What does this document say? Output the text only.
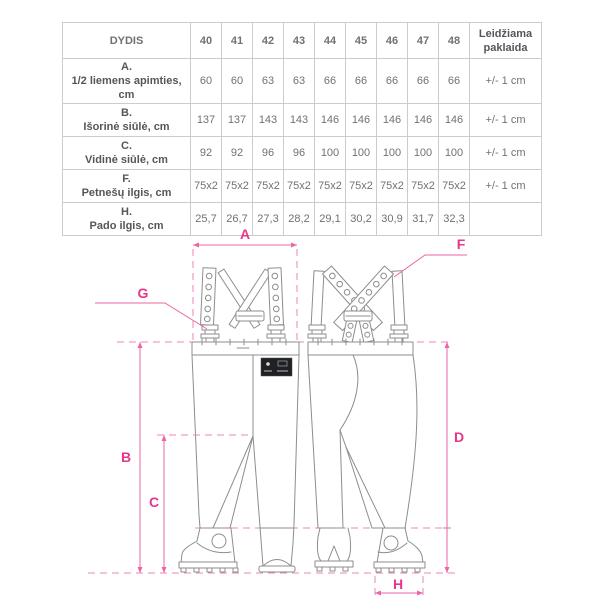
DYDIS	40	41	42	43	44	45	46	47	48	Leidžiama
paklaida

A.
1/2 liemens apimties, cm	60	60	63	63	66	66	66	66	66	+/- 1 cm

B.
Išorinė siūlė, cm	137	137	143	143	146	146	146	146	146	+/- 1 cm

C.
Vidinė siūlė, cm	92	92	96	96	100	100	100	100	100	+/- 1 cm

F.
Petnešų ilgis, cm	75x2	75x2	75x2	75x2	75x2	75x2	75x2	75x2	75x2	+/- 1 cm

H.
Pado ilgis, cm	25,7	26,7	27,3	28,2	29,1	30,2	30,9	31,7	32,3	
A
B
C
D
F
G
H
